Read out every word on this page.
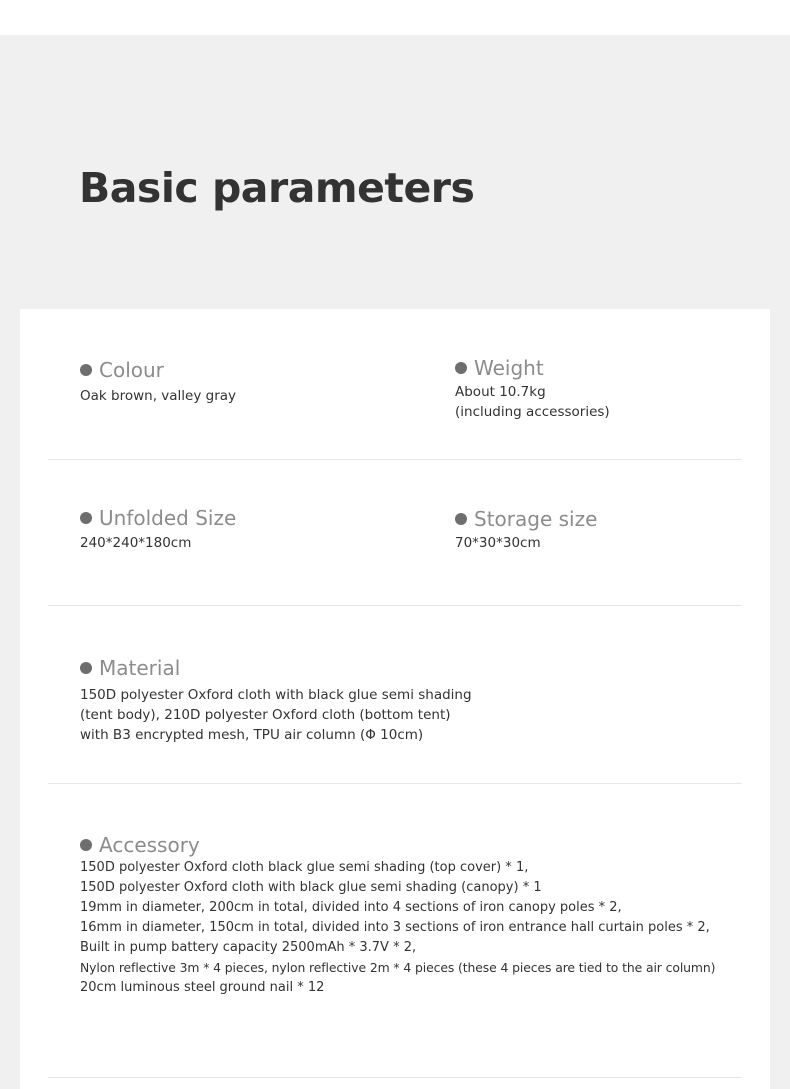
Basic parameters
Colour
Oak brown, valley gray
Weight
About 10.7kg
(including accessories)
Unfolded Size
240*240*180cm
Storage size
70*30*30cm
Material
150D polyester Oxford cloth with black glue semi shading
(tent body), 210D polyester Oxford cloth (bottom tent)
with B3 encrypted mesh, TPU air column (Φ 10cm)
Accessory
150D polyester Oxford cloth black glue semi shading (top cover) * 1,
150D polyester Oxford cloth with black glue semi shading (canopy) * 1
19mm in diameter, 200cm in total, divided into 4 sections of iron canopy poles * 2,
16mm in diameter, 150cm in total, divided into 3 sections of iron entrance hall curtain poles * 2,
Built in pump battery capacity 2500mAh * 3.7V * 2,
Nylon reflective 3m * 4 pieces, nylon reflective 2m * 4 pieces (these 4 pieces are tied to the air column)
20cm luminous steel ground nail * 12
